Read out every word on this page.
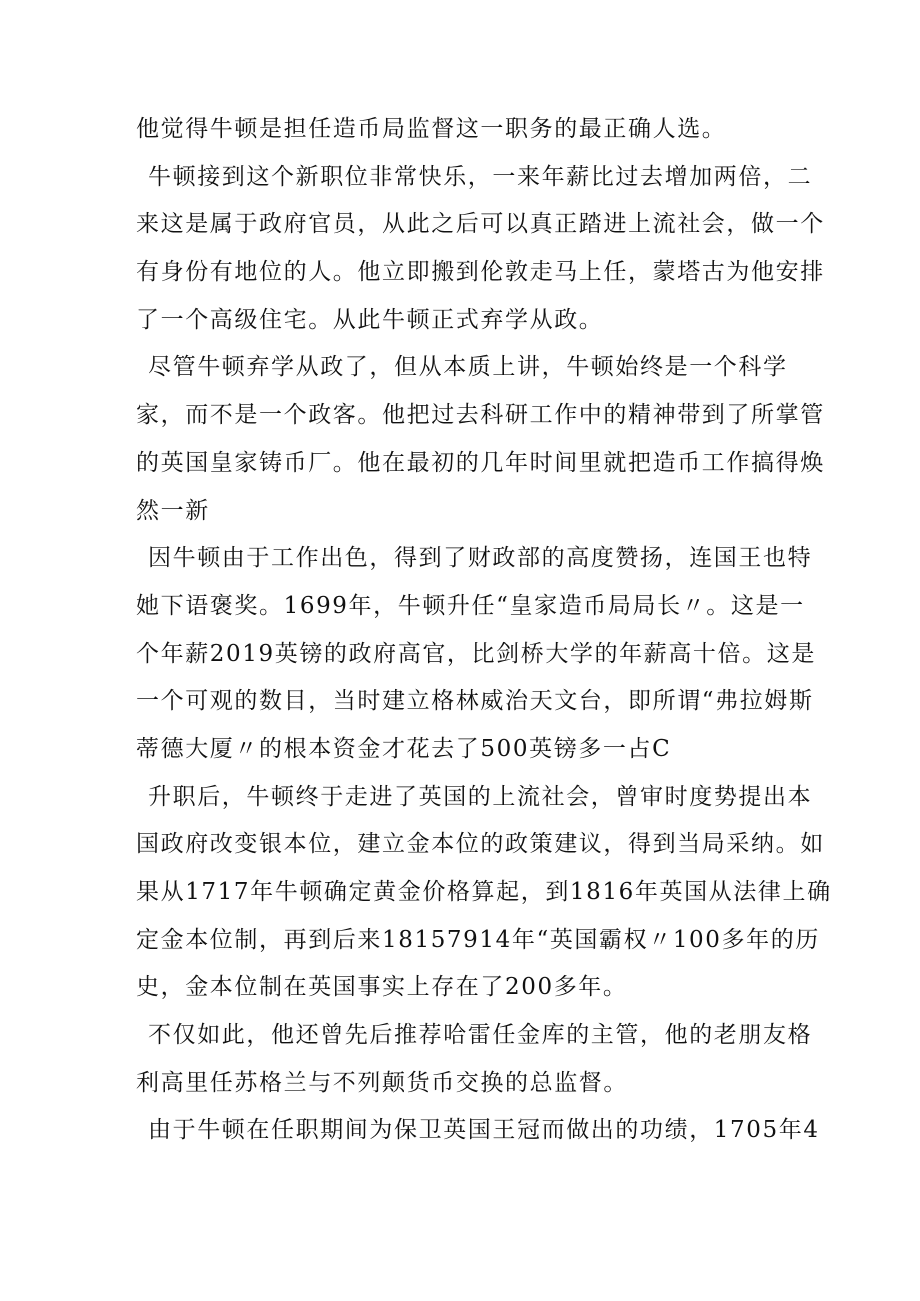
他觉得牛顿是担任造币局监督这一职务的最正确人选。
牛顿接到这个新职位非常快乐，一来年薪比过去增加两倍，二
来这是属于政府官员，从此之后可以真正踏进上流社会，做一个
有身份有地位的人。他立即搬到伦敦走马上任，蒙塔古为他安排
了一个高级住宅。从此牛顿正式弃学从政。
尽管牛顿弃学从政了，但从本质上讲，牛顿始终是一个科学
家，而不是一个政客。他把过去科研工作中的精神带到了所掌管
的英国皇家铸币厂。他在最初的几年时间里就把造币工作搞得焕
然一新
因牛顿由于工作出色，得到了财政部的高度赞扬，连国王也特
她下语褒奖。1699年，牛顿升任“皇家造币局局长〃。这是一
个年薪2019英镑的政府高官，比剑桥大学的年薪高十倍。这是
一个可观的数目，当时建立格林威治天文台，即所谓“弗拉姆斯
蒂德大厦〃的根本资金才花去了500英镑多一占C
升职后，牛顿终于走进了英国的上流社会，曾审时度势提出本
国政府改变银本位，建立金本位的政策建议，得到当局采纳。如
果从1717年牛顿确定黄金价格算起，到1816年英国从法律上确
定金本位制，再到后来18157914年“英国霸权〃100多年的历
史，金本位制在英国事实上存在了200多年。
不仅如此，他还曾先后推荐哈雷任金库的主管，他的老朋友格
利高里任苏格兰与不列颠货币交换的总监督。
由于牛顿在任职期间为保卫英国王冠而做出的功绩，1705年4
